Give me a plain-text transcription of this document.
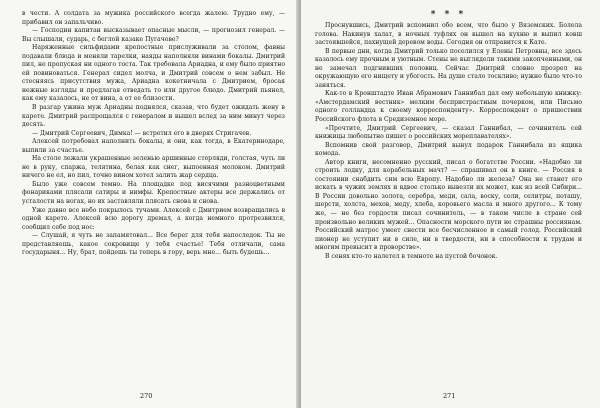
в чести. А солдата за мужика российского всегда жалею. Трудно ему, — прибавил он запальчиво.

— Господин капитан высказывает опасные мысли, — прогнозил генерал. — Вы слышали, сударь, с беглой казаке Пугачеве?

Наряженные сильфидами крепостные прислуживали за столом, фавны подавали блюда и меняли тарелки, наяды наполняли винами бокалы. Дмитрий пил, не пропуская ни одного тоста. Так требовала Ариадна, и ему было приятно ей повиноваться. Генерал сидел молча, и Дмитрий совсем о нем забыл. Не стесняясь присутствия мужа, Ариадна кокетничала с Дмитрием, бросая нежные взгляды и предлагая отведать то или другое блюдо. Дмитрий пьянел, как ему казалось, не от вина, а от ее близости.

В разгар ужина муж Ариадны поднялся, сказав, что будет ожидать жену в карете. Дмитрий распрощался с генералом и вышел вслед за ним минут через десять.

— Дмитрий Сергеевич, Димка! — встретил его в дверях Стригачев.

Алексей потребовал наполнить бокалы, и они, как тогда, в Екатеринодаре, выпили за счастье.

На столе лежали украшенные зеленью аршинные стерляди, голстая, чуть ли не в руку, спаржа, телятина, белая как снег, выпоенная молоком. Дмитрий ничего не ел, но пил, точно вином хотел залить жар сердца.

Было уже совсем темно. На площадке под висячими разноцветными фонариками плясали сатиры и нимфы. Крепостные актеры все держались от усталости на ногах, но их заставляли плясать снова и снова.

Уже давно все небо покрылось тучами. Алексей с Дмитрием возвращались в одной карете. Алексей всю дорогу дремал, а когда немного протрезвился, сообщил себе под нос:

— Слушай, я чуть не запамятовал... Все берег для тебя напоследок. Ты не представляешь, какое сокровище у тебя счастье! Тебя отличали, сама государыня... Ну, брат, пойдешь ты теперь в гору, верь мне... быть будешь...

270
* * *

Проснувшись, Дмитрий вспомнил обо всем, что было у Вяземских. Болела голова. Накинув халат, в ночных туфлях он вышел на кухню и выпил ковш застоявшейся, пахнущей деревом воды. Сегодня он отправится к Кате.

В первые дни, когда Дмитрий только поселился у Елены Петровны, все здесь казалось ему прочным и уютным. Стены не выглядели такими закопченными, он не замечал подгнивших половиц. Сейчас Дмитрий словно прозрел на окружающую его нищету и убогость. На душе стало тоскливо; нужно было что-то заняться.

Как-то в Кронштадте Иван Абрамович Ганнибал дал ему небольшую книжку: «Амстердамский вестник» мелким беспристрастным почерком, или Письмо одного голландца к своему корреспонденту». Корреспондент о пришествии Российского флота в Средиземное море.

«Прочтите, Дмитрий Сергеевич, — сказал Ганнибал, — сочинитель сей книжицы любопытно пишет о российских мореплавателях».

Вспомнив свой разговор, Дмитрий вынул подарок Ганнибала из ящика комода.

Автор книги, несомненно русский, писал о богатстве России. «Надобно ли строить лодку, для корабельных мачт? — спрашивал он в книге. — Россия в состоянии снабдить сим всю Европу. Надобно ли железа? Она не станет его искать в чужих землях и вдвое столько вывезти их может, как из всей Сибири... В России довольно золота, серебра, меди, сала, воску, соли, селитры, поташу, шерсти, холста, мехов, меду, хлеба, коровьего масла и много другого... К тому же, — не без гордости писал сочинитель, — в таком числе в стране сей произвольно великих мужей... Опасности морского пути не страшны россиянам. Российский матрос умеет снести все бесчисленное и самый голод. Российский пионер не уступит ни в силе, ни в твердости, ни в способности к трудам и многим превысит в проворстве».

В сенях кто-то налетел в темноте на пустой бочонок.

271
